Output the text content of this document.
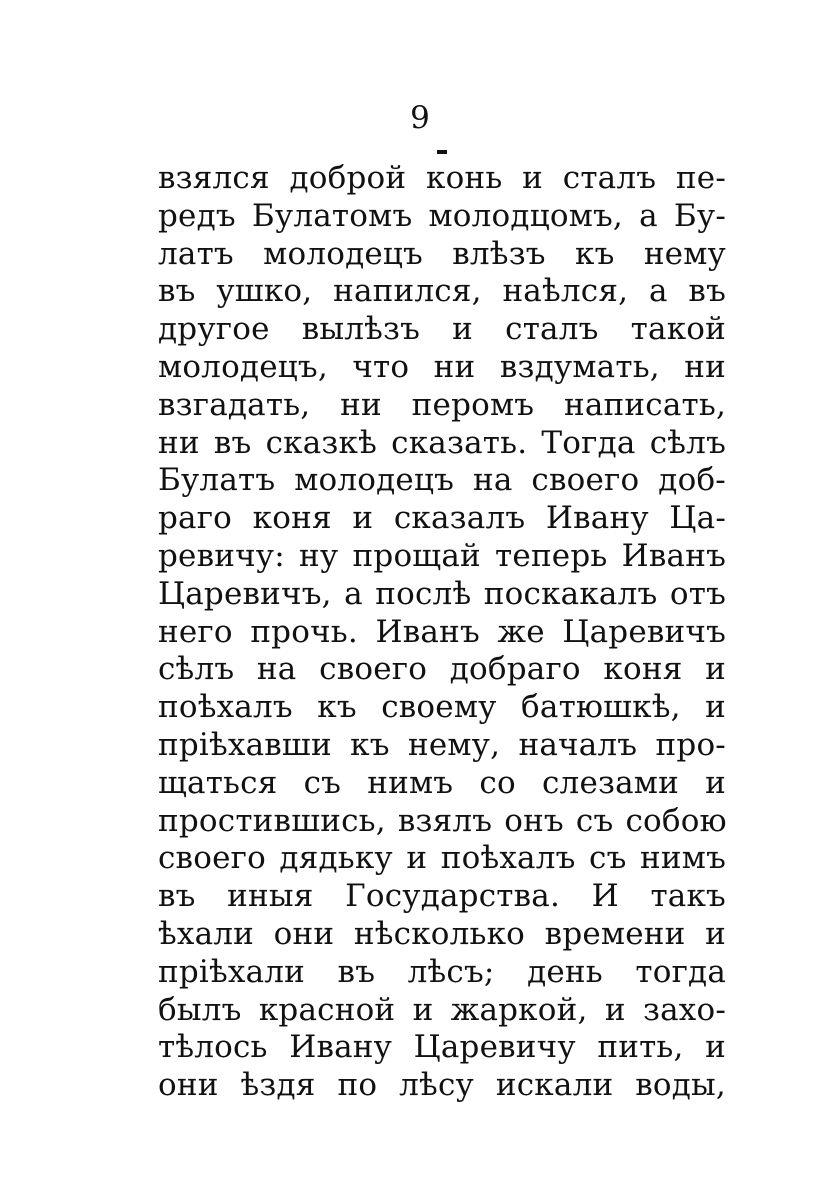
9
взялся доброй конь и сталъ пе-
редъ Булатомъ молодцомъ, а Бу-
латъ молодецъ влѣзъ къ нему
въ ушко, напился, наѣлся, а въ
другое вылѣзъ и сталъ такой
молодецъ, что ни вздумать, ни
взгадать, ни перомъ написать,
ни въ сказкѣ сказать. Тогда сѣлъ
Булатъ молодецъ на своего доб-
раго коня и сказалъ Ивану Ца-
ревичу: ну прощай теперь Иванъ
Царевичъ, а послѣ поскакалъ отъ
него прочь. Иванъ же Царевичъ
сѣлъ на своего добраго коня и
поѣхалъ къ своему батюшкѣ, и
пріѣхавши къ нему, началъ про-
щаться съ нимъ со слезами и
простившись, взялъ онъ съ собою
своего дядьку и поѣхалъ съ нимъ
въ иныя Государства. И такъ
ѣхали они нѣсколько времени и
пріѣхали въ лѣсъ; день тогда
былъ красной и жаркой, и захо-
тѣлось Ивану Царевичу пить, и
они ѣздя по лѣсу искали воды,
